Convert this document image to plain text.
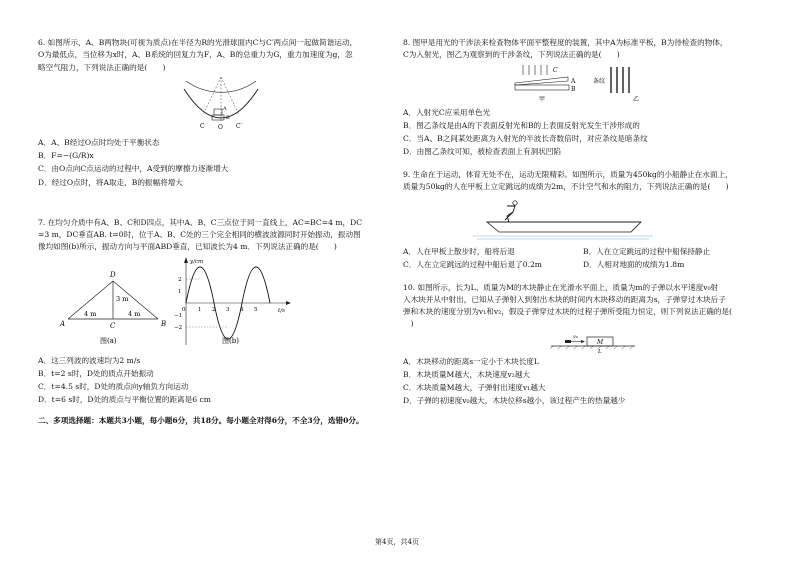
6. 如图所示，A、B两物块(可视为质点)在半径为R的光滑球面内C与C′两点间一起做简谐运动，

O为最低点，当位移为x时，A、B系统的回复力为F，A、B的总重力为G，重力加速度为g，忽

略空气阻力，下列说法正确的是(　　)

A
B
C O C′

A．A、B经过O点时均处于平衡状态

B．F=−(G/R)x

C．由O点向C点运动的过程中，A受到的摩擦力逐渐增大

D．经过O点时，将A取走，B的振幅将增大

7. 在均匀介质中有A、B、C和D四点，其中A、B、C三点位于同一直线上，AC=BC=4 m，DC

=3 m，DC垂直AB. t=0时，位于A、B、C处的三个完全相同的横波波源同时开始振动，振动图

像均如图(b)所示，振动方向与平面ABD垂直，已知波长为4 m．下列说法正确的是(　　)

D
A	B
C
3 m
4 m	4 m
图(a)
y/cm
t/s
2
1
−1
−2
0 1 2 3 4 5
图(b)

A．这三列波的波速均为2 m/s

B．t=2 s时，D处的质点开始振动

C．t=4.5 s时，D处的质点向y轴负方向运动

D．t=6 s时，D处的质点与平衡位置的距离是6 cm

二、多项选择题：本题共3小题，每小题6分，共18分。每小题全对得6分，不全3分，选错0分。

8. 图甲是用光的干涉法来检查物体平面平整程度的装置，其中A为标准平板，B为待检查的物体，

C为入射光，图乙为观察到的干涉条纹，下列说法正确的是(　　)

C
A
B
甲
条纹
乙

A．入射光C应采用单色光

B．图乙条纹是由A的下表面反射光和B的上表面反射光发生干涉形成的

C．当A、B之间某处距离为入射光的半波长奇数倍时，对应条纹是暗条纹

D．由图乙条纹可知，被检查表面上有洞状凹陷

9. 生命在于运动，体育无处不在，运动无限精彩。如图所示，质量为450kg的小船静止在水面上，

质量为50kg的人在甲板上立定跳远的成绩为2m，不计空气和水的阻力，下列说法正确的是(　　)

A．人在甲板上散步时，船将后退	B．人在立定跳远的过程中船保持静止
C．人在立定跳远的过程中船后退了0.2m	D．人相对地面的成绩为1.8m

10. 如图所示，长为L、质量为M的木块静止在光滑水平面上，质量为m的子弹以水平速度v₀射

入木块并从中射出，已知从子弹射入到射出木块的时间内木块移动的距离为s，子弹穿过木块后子

弹和木块的速度分别为v₁和v₂，假设子弹穿过木块的过程子弹所受阻力恒定，则下列说法正确的是(

　)

M
v₀
L

A．木块移动的距离s一定小于木块长度L

B．木块质量M越大，木块速度v₂越大

C．木块质量M越大，子弹射出速度v₁越大

D．子弹的初速度v₀越大，木块位移s越小，该过程产生的热量越少

第4页，共4页
